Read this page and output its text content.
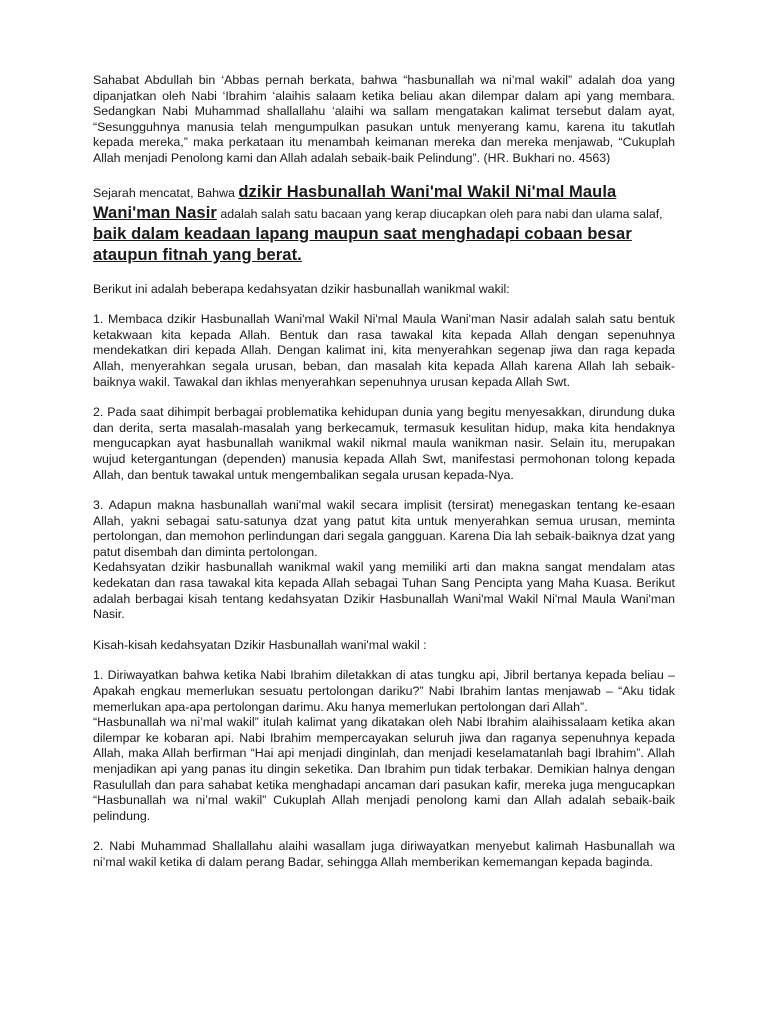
Sahabat Abdullah bin ‘Abbas pernah berkata, bahwa “hasbunallah wa ni’mal wakil” adalah doa yang dipanjatkan oleh Nabi ‘Ibrahim ‘alaihis salaam ketika beliau akan dilempar dalam api yang membara. Sedangkan Nabi Muhammad shallallahu ‘alaihi wa sallam mengatakan kalimat tersebut dalam ayat, “Sesungguhnya manusia telah mengumpulkan pasukan untuk menyerang kamu, karena itu takutlah kepada mereka,” maka perkataan itu menambah keimanan mereka dan mereka menjawab, “Cukuplah Allah menjadi Penolong kami dan Allah adalah sebaik-baik Pelindung”. (HR. Bukhari no. 4563)

Sejarah mencatat, Bahwa dzikir Hasbunallah Wani'mal Wakil Ni'mal Maula Wani'man Nasir adalah salah satu bacaan yang kerap diucapkan oleh para nabi dan ulama salaf, baik dalam keadaan lapang maupun saat menghadapi cobaan besar ataupun fitnah yang berat.

Berikut ini adalah beberapa kedahsyatan dzikir hasbunallah wanikmal wakil:

1. Membaca dzikir Hasbunallah Wani'mal Wakil Ni'mal Maula Wani'man Nasir adalah salah satu bentuk ketakwaan kita kepada Allah. Bentuk dan rasa tawakal kita kepada Allah dengan sepenuhnya mendekatkan diri kepada Allah. Dengan kalimat ini, kita menyerahkan segenap jiwa dan raga kepada Allah, menyerahkan segala urusan, beban, dan masalah kita kepada Allah karena Allah lah sebaik-baiknya wakil. Tawakal dan ikhlas menyerahkan sepenuhnya urusan kepada Allah Swt.

2. Pada saat dihimpit berbagai problematika kehidupan dunia yang begitu menyesakkan, dirundung duka dan derita, serta masalah-masalah yang berkecamuk, termasuk kesulitan hidup, maka kita hendaknya mengucapkan ayat hasbunallah wanikmal wakil nikmal maula wanikman nasir. Selain itu, merupakan wujud ketergantungan (dependen) manusia kepada Allah Swt, manifestasi permohonan tolong kepada Allah, dan bentuk tawakal untuk mengembalikan segala urusan kepada-Nya.

3. Adapun makna hasbunallah wani'mal wakil secara implisit (tersirat) menegaskan tentang ke-esaan Allah, yakni sebagai satu-satunya dzat yang patut kita untuk menyerahkan semua urusan, meminta pertolongan, dan memohon perlindungan dari segala gangguan. Karena Dia lah sebaik-baiknya dzat yang patut disembah dan diminta pertolongan.

Kedahsyatan dzikir hasbunallah wanikmal wakil yang memiliki arti dan makna sangat mendalam atas kedekatan dan rasa tawakal kita kepada Allah sebagai Tuhan Sang Pencipta yang Maha Kuasa. Berikut adalah berbagai kisah tentang kedahsyatan Dzikir Hasbunallah Wani'mal Wakil Ni'mal Maula Wani'man Nasir.

Kisah-kisah kedahsyatan Dzikir Hasbunallah wani'mal wakil :

1. Diriwayatkan bahwa ketika Nabi Ibrahim diletakkan di atas tungku api, Jibril bertanya kepada beliau –Apakah engkau memerlukan sesuatu pertolongan dariku?” Nabi Ibrahim lantas menjawab – “Aku tidak memerlukan apa-apa pertolongan darimu. Aku hanya memerlukan pertolongan dari Allah”.

“Hasbunallah wa ni’mal wakil” itulah kalimat yang dikatakan oleh Nabi Ibrahim alaihissalaam ketika akan dilempar ke kobaran api. Nabi Ibrahim mempercayakan seluruh jiwa dan raganya sepenuhnya kepada Allah, maka Allah berfirman “Hai api menjadi dinginlah, dan menjadi keselamatanlah bagi Ibrahim”. Allah menjadikan api yang panas itu dingin seketika. Dan Ibrahim pun tidak terbakar. Demikian halnya dengan Rasulullah dan para sahabat ketika menghadapi ancaman dari pasukan kafir, mereka juga mengucapkan “Hasbunallah wa ni’mal wakil” Cukuplah Allah menjadi penolong kami dan Allah adalah sebaik-baik pelindung.

2. Nabi Muhammad Shallallahu alaihi wasallam juga diriwayatkan menyebut kalimah Hasbunallah wa ni’mal wakil ketika di dalam perang Badar, sehingga Allah memberikan kememangan kepada baginda.
